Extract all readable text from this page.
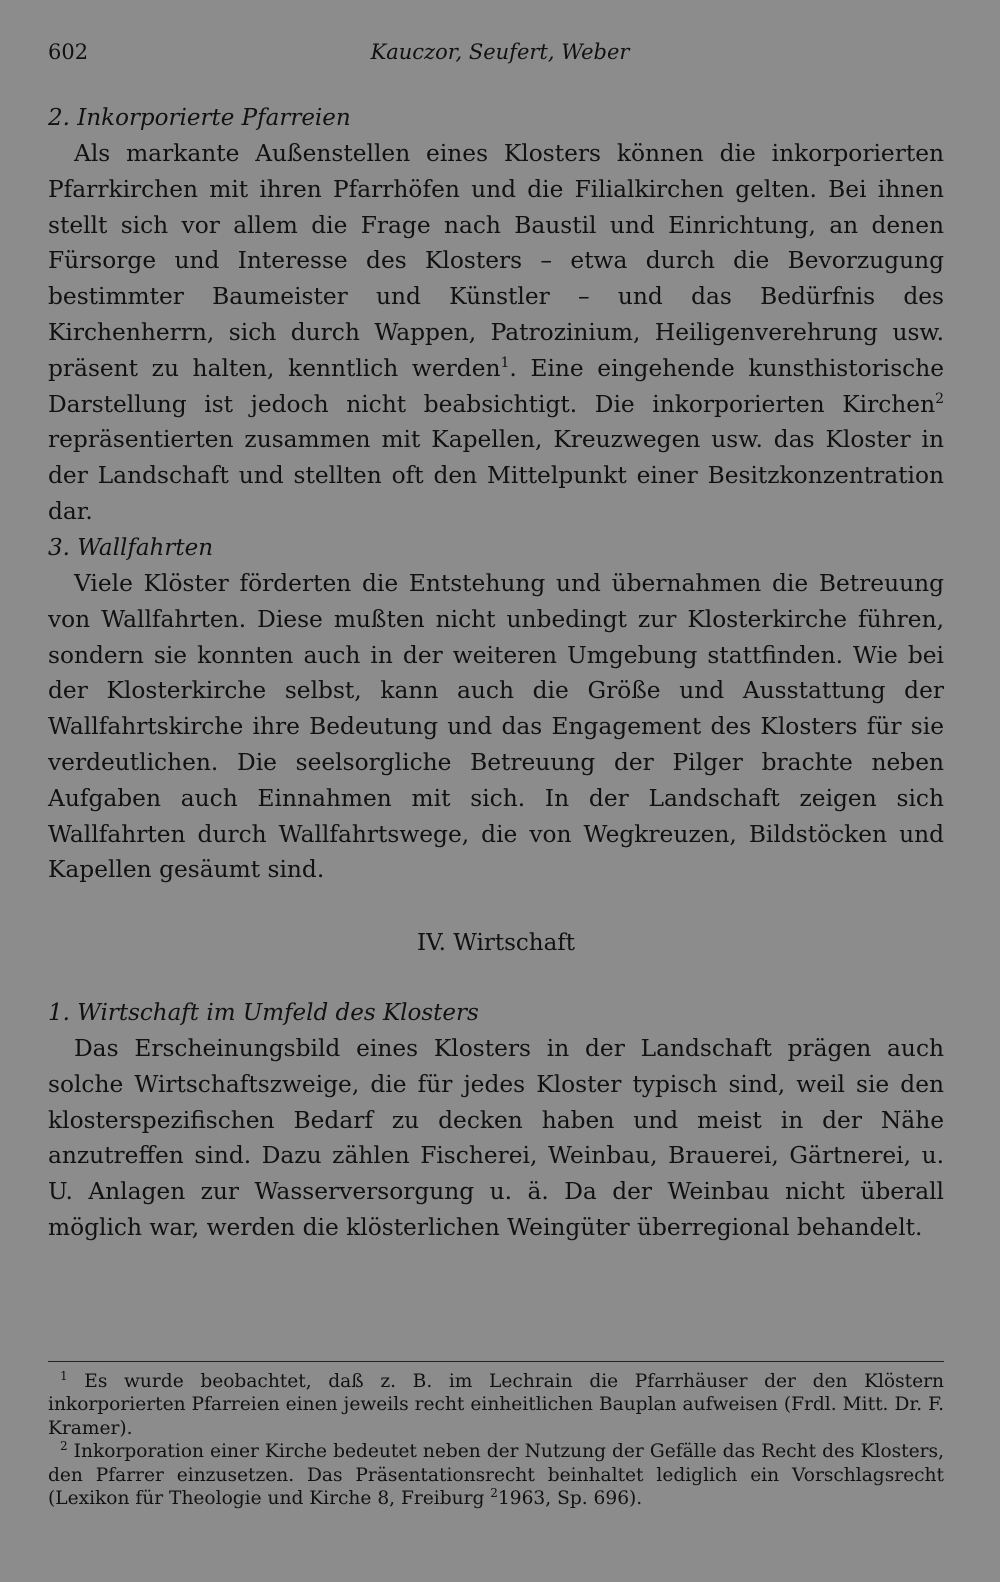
602	Kauczor, Seufert, Weber
2. Inkorporierte Pfarreien

Als markante Außenstellen eines Klosters können die inkorporierten Pfarrkirchen mit ihren Pfarrhöfen und die Filialkirchen gelten. Bei ihnen stellt sich vor allem die Frage nach Baustil und Einrichtung, an denen Fürsorge und Interesse des Klosters – etwa durch die Bevorzugung bestimmter Baumeister und Künstler – und das Bedürfnis des Kirchenherrn, sich durch Wappen, Patrozinium, Heiligenverehrung usw. präsent zu halten, kenntlich werden$^1$. Eine eingehende kunsthistorische Darstellung ist jedoch nicht beabsichtigt. Die inkorporierten Kirchen$^2$ repräsentierten zusammen mit Kapellen, Kreuzwegen usw. das Kloster in der Landschaft und stellten oft den Mittelpunkt einer Besitzkonzentration dar.

3. Wallfahrten

Viele Klöster förderten die Entstehung und übernahmen die Betreuung von Wallfahrten. Diese mußten nicht unbedingt zur Klosterkirche führen, sondern sie konnten auch in der weiteren Umgebung stattfinden. Wie bei der Klosterkirche selbst, kann auch die Größe und Ausstattung der Wallfahrtskirche ihre Bedeutung und das Engagement des Klosters für sie verdeutlichen. Die seelsorgliche Betreuung der Pilger brachte neben Aufgaben auch Einnahmen mit sich. In der Landschaft zeigen sich Wallfahrten durch Wallfahrtswege, die von Wegkreuzen, Bildstöcken und Kapellen gesäumt sind.

IV. Wirtschaft
1. Wirtschaft im Umfeld des Klosters

Das Erscheinungsbild eines Klosters in der Landschaft prägen auch solche Wirtschaftszweige, die für jedes Kloster typisch sind, weil sie den klosterspezifischen Bedarf zu decken haben und meist in der Nähe anzutreffen sind. Dazu zählen Fischerei, Weinbau, Brauerei, Gärtnerei, u. U. Anlagen zur Wasserversorgung u. ä. Da der Weinbau nicht überall möglich war, werden die klösterlichen Weingüter überregional behandelt.

$^1$ Es wurde beobachtet, daß z. B. im Lechrain die Pfarrhäuser der den Klöstern inkorporierten Pfarreien einen jeweils recht einheitlichen Bauplan aufweisen (Frdl. Mitt. Dr. F. Kramer).

$^2$ Inkorporation einer Kirche bedeutet neben der Nutzung der Gefälle das Recht des Klosters, den Pfarrer einzusetzen. Das Präsentationsrecht beinhaltet lediglich ein Vorschlagsrecht (Lexikon für Theologie und Kirche 8, Freiburg $^2$1963, Sp. 696).
